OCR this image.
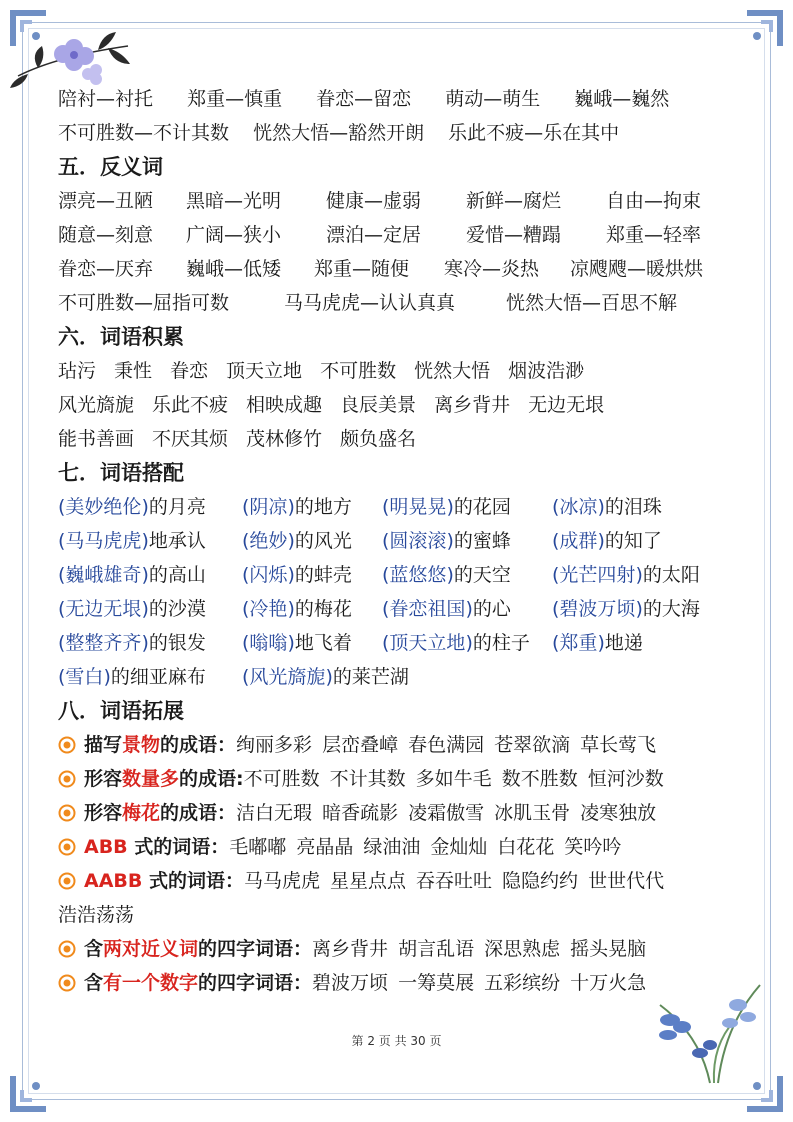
陪衬—衬托 郑重—慎重 眷恋—留恋 萌动—萌生 巍峨—巍然
不可胜数—不计其数 恍然大悟—豁然开朗 乐此不疲—乐在其中
五．反义词
漂亮—丑陋 黑暗—光明 健康—虚弱 新鲜—腐烂 自由—拘束
随意—刻意 广阔—狭小 漂泊—定居 爱惜—糟蹋 郑重—轻率
眷恋—厌弃 巍峨—低矮 郑重—随便 寒冷—炎热 凉飕飕—暖烘烘
不可胜数—屈指可数	马马虎虎—认认真真	恍然大悟—百思不解
六．词语积累
玷污 秉性 眷恋 顶天立地 不可胜数 恍然大悟 烟波浩渺
风光旖旎 乐此不疲 相映成趣 良辰美景 离乡背井 无边无垠
能书善画 不厌其烦 茂林修竹 颇负盛名
七．词语搭配
(美妙绝伦)的月亮 (阴凉)的地方 (明晃晃)的花园 (冰凉)的泪珠
(马马虎虎)地承认 (绝妙)的风光 (圆滚滚)的蜜蜂 (成群)的知了
(巍峨雄奇)的高山 (闪烁)的蚌壳 (蓝悠悠)的天空 (光芒四射)的太阳
(无边无垠)的沙漠 (冷艳)的梅花 (眷恋祖国)的心 (碧波万顷)的大海
(整整齐齐)的银发 (嗡嗡)地飞着 (顶天立地)的柱子 (郑重)地递
(雪白)的细亚麻布 (风光旖旎)的莱芒湖
八．词语拓展
描写景物的成语：绚丽多彩 层峦叠嶂 春色满园 苍翠欲滴 草长莺飞
形容数量多的成语:不可胜数 不计其数 多如牛毛 数不胜数 恒河沙数
形容梅花的成语：洁白无瑕 暗香疏影 凌霜傲雪 冰肌玉骨 凌寒独放
ABB 式的词语：毛嘟嘟 亮晶晶 绿油油 金灿灿 白花花 笑吟吟
AABB 式的词语：马马虎虎 星星点点 吞吞吐吐 隐隐约约 世世代代
浩浩荡荡
含两对近义词的四字词语：离乡背井 胡言乱语 深思熟虑 摇头晃脑
含有一个数字的四字词语：碧波万顷 一筹莫展 五彩缤纷 十万火急
第 2 页 共 30 页
